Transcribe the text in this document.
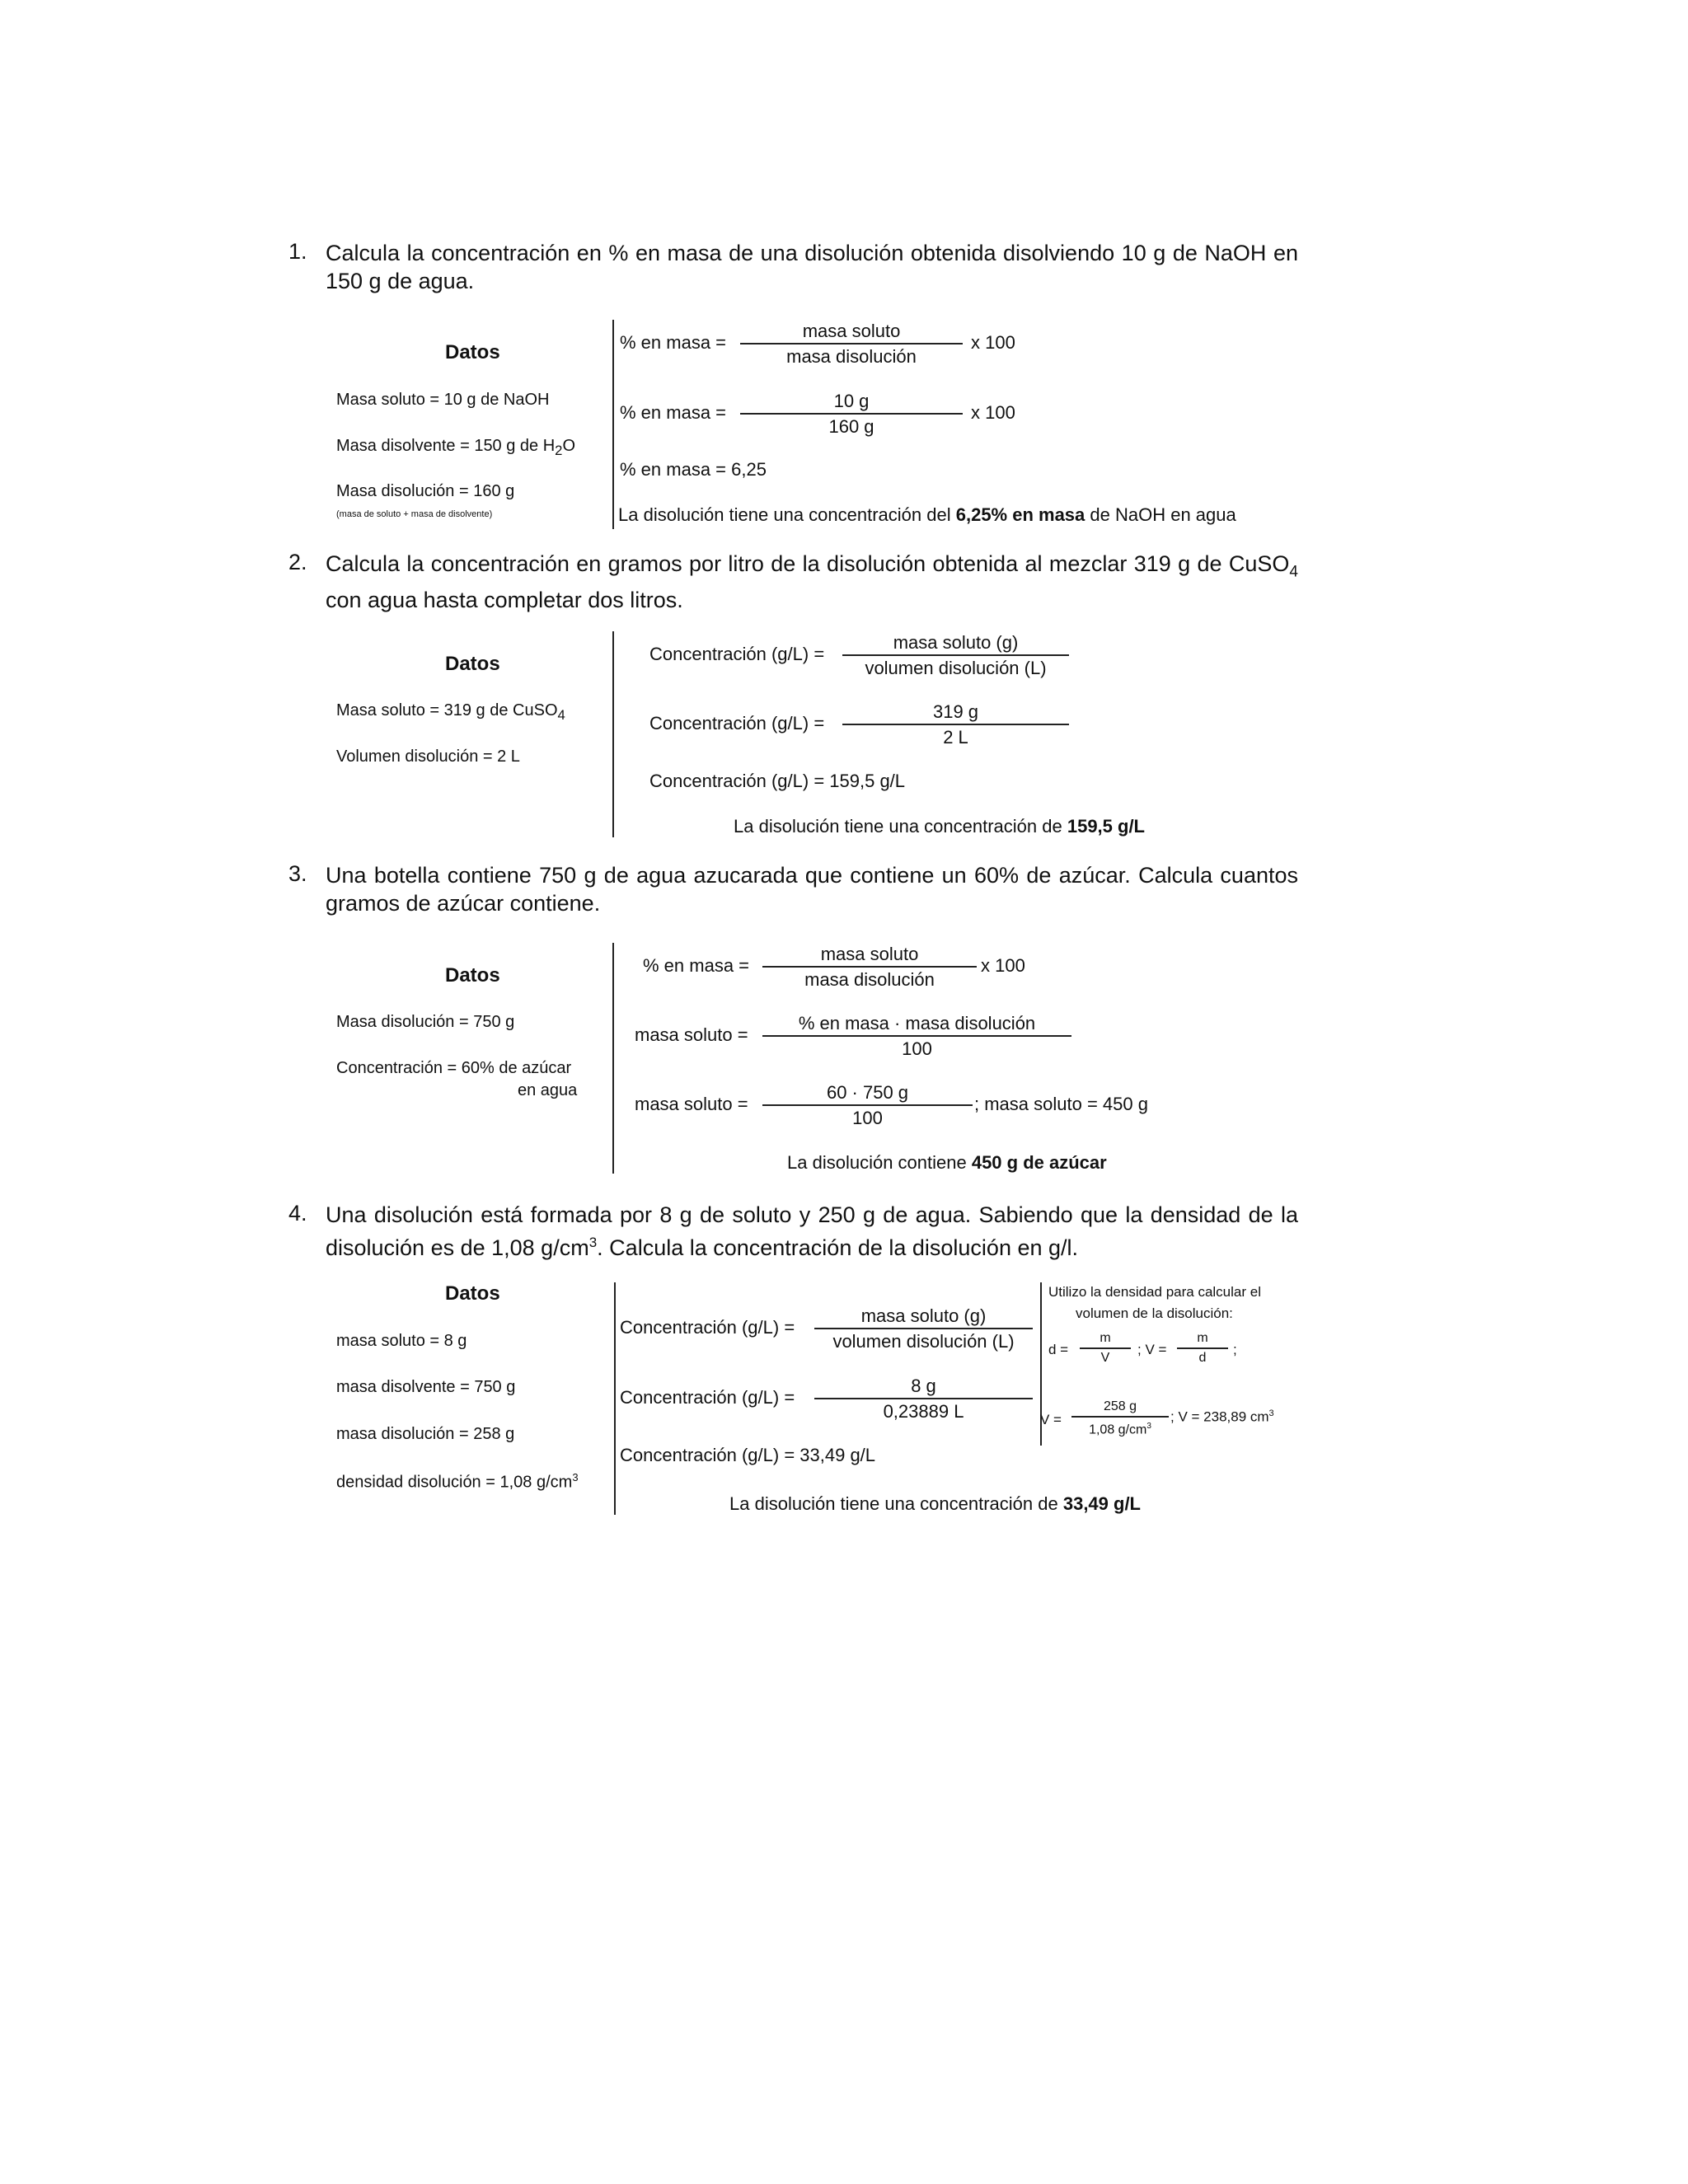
1. Calcula la concentración en % en masa de una disolución obtenida disolviendo 10 g de NaOH en 150 g de agua.
Datos
Masa soluto = 10 g de NaOH
Masa disolvente = 150 g de $H_2O$
Masa disolución = 160 g
(masa de soluto + masa de disolvente)
% en masa =
masa soluto
masa disolución
x 100
% en masa =
10 g
160 g
x 100
% en masa = 6,25
La disolución tiene una concentración del 6,25% en masa de NaOH en agua
2. Calcula la concentración en gramos por litro de la disolución obtenida al mezclar 319 g de CuSO$_4$ con agua hasta completar dos litros.
Datos
Masa soluto = 319 g de CuSO$_4$
Volumen disolución = 2 L
Concentración (g/L) =
masa soluto (g)
volumen disolución (L)
Concentración (g/L) =
319 g
2 L
Concentración (g/L) = 159,5 g/L
La disolución tiene una concentración de 159,5 g/L
3. Una botella contiene 750 g de agua azucarada que contiene un 60% de azúcar. Calcula cuantos gramos de azúcar contiene.
Datos
Masa disolución = 750 g
Concentración = 60% de azúcar
en agua
% en masa =
masa soluto
masa disolución
x 100
masa soluto =
% en masa · masa disolución
100
masa soluto =
60 · 750 g
100
; masa soluto = 450 g
La disolución contiene 450 g de azúcar
4. Una disolución está formada por 8 g de soluto y 250 g de agua. Sabiendo que la densidad de la disolución es de 1,08 $g/cm^3$. Calcula la concentración de la disolución en g/l.
Datos
masa soluto = 8 g
masa disolvente = 750 g
masa disolución = 258 g
densidad disolución = 1,08 $g/cm^3$
Concentración (g/L) =
masa soluto (g)
volumen disolución (L)
Concentración (g/L) =
8 g
0,23889 L
Concentración (g/L) = 33,49 g/L
Utilizo la densidad para calcular el
volumen de la disolución:
d =
m
V	; V =
m
d	;
V =
258 g
1,08 $g/cm^3$
; V = 238,89 $cm^3$
La disolución tiene una concentración de 33,49 g/L
